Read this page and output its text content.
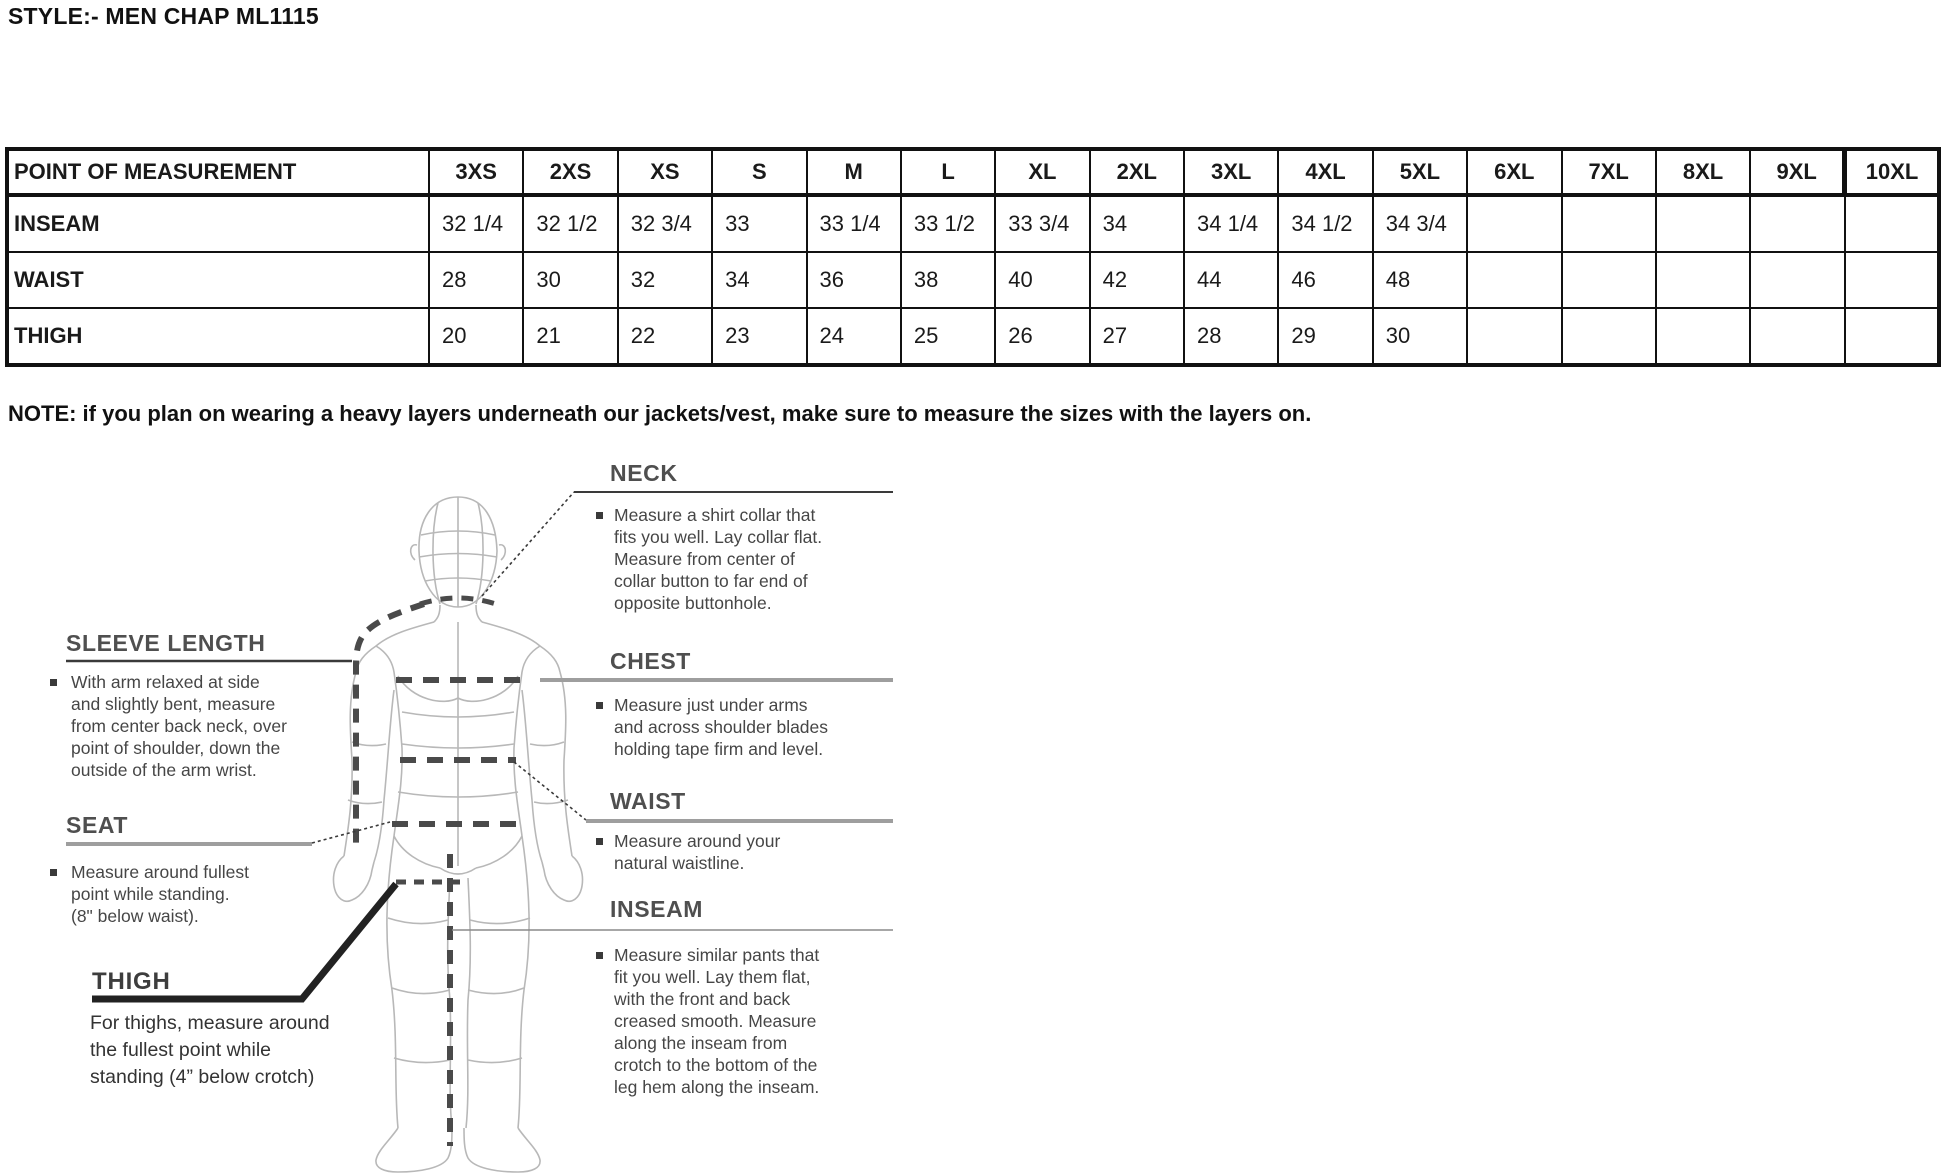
STYLE:- MEN CHAP ML1115
POINT OF MEASUREMENT	3XS	2XS	XS	S	M	L	XL	2XL	3XL	4XL	5XL	6XL	7XL	8XL	9XL	10XL
INSEAM	32 1/4	32 1/2	32 3/4	33	33 1/4	33 1/2	33 3/4	34	34 1/4	34 1/2	34 3/4					
WAIST	28	30	32	34	36	38	40	42	44	46	48					
THIGH	20	21	22	23	24	25	26	27	28	29	30					
NOTE: if you plan on wearing a heavy layers underneath our jackets/vest, make sure to measure the sizes with the layers on.
SLEEVE LENGTH
With arm relaxed at side
and slightly bent, measure
from center back neck, over
point of shoulder, down the
outside of the arm wrist.
SEAT
Measure around fullest
point while standing.
(8" below waist).
THIGH
For thighs, measure around
the fullest point while
standing (4” below crotch)
NECK
Measure a shirt collar that
fits you well. Lay collar flat.
Measure from center of
collar button to far end of
opposite buttonhole.
CHEST
Measure just under arms
and across shoulder blades
holding tape firm and level.
WAIST
Measure around your
natural waistline.
INSEAM
Measure similar pants that
fit you well. Lay them flat,
with the front and back
creased smooth. Measure
along the inseam from
crotch to the bottom of the
leg hem along the inseam.
